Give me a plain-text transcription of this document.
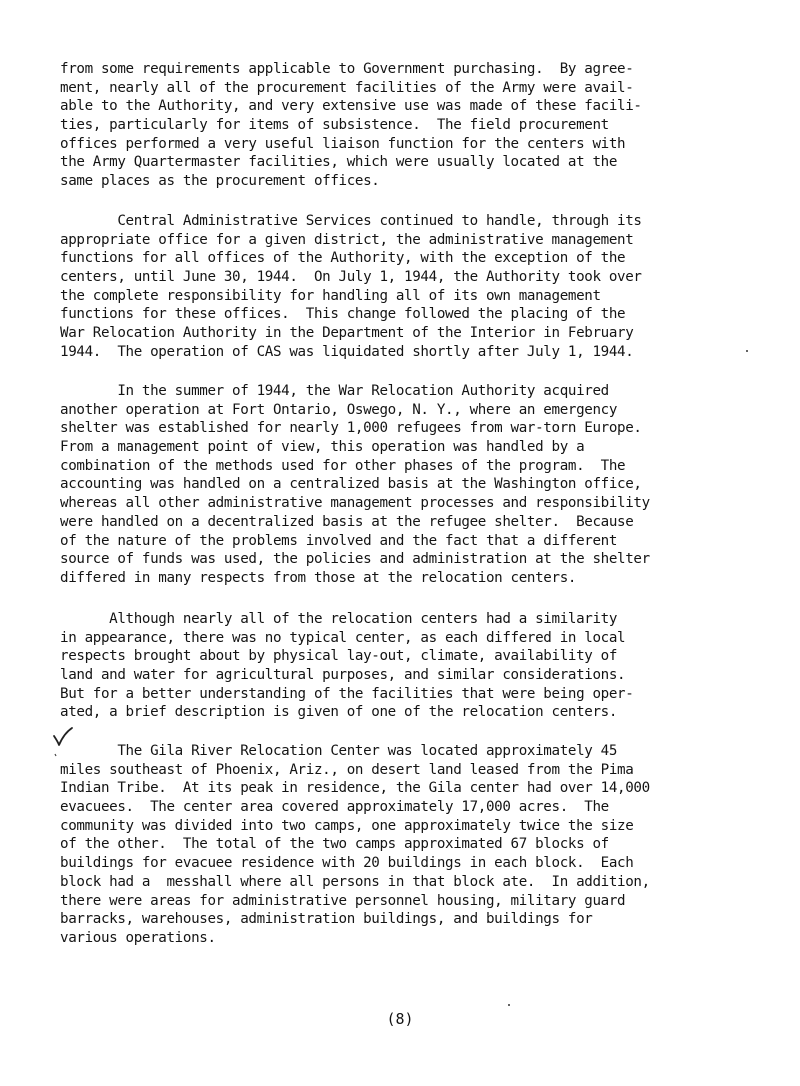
from some requirements applicable to Government purchasing.  By agree-
ment, nearly all of the procurement facilities of the Army were avail-
able to the Authority, and very extensive use was made of these facili-
ties, particularly for items of subsistence.  The field procurement
offices performed a very useful liaison function for the centers with
the Army Quartermaster facilities, which were usually located at the
same places as the procurement offices.
Central Administrative Services continued to handle, through its
appropriate office for a given district, the administrative management
functions for all offices of the Authority, with the exception of the
centers, until June 30, 1944.  On July 1, 1944, the Authority took over
the complete responsibility for handling all of its own management
functions for these offices.  This change followed the placing of the
War Relocation Authority in the Department of the Interior in February
1944.  The operation of CAS was liquidated shortly after July 1, 1944.
In the summer of 1944, the War Relocation Authority acquired
another operation at Fort Ontario, Oswego, N. Y., where an emergency
shelter was established for nearly 1,000 refugees from war-torn Europe.
From a management point of view, this operation was handled by a
combination of the methods used for other phases of the program.  The
accounting was handled on a centralized basis at the Washington office,
whereas all other administrative management processes and responsibility
were handled on a decentralized basis at the refugee shelter.  Because
of the nature of the problems involved and the fact that a different
source of funds was used, the policies and administration at the shelter
differed in many respects from those at the relocation centers.
Although nearly all of the relocation centers had a similarity
in appearance, there was no typical center, as each differed in local
respects brought about by physical lay-out, climate, availability of
land and water for agricultural purposes, and similar considerations.
But for a better understanding of the facilities that were being oper-
ated, a brief description is given of one of the relocation centers.
The Gila River Relocation Center was located approximately 45
miles southeast of Phoenix, Ariz., on desert land leased from the Pima
Indian Tribe.  At its peak in residence, the Gila center had over 14,000
evacuees.  The center area covered approximately 17,000 acres.  The
community was divided into two camps, one approximately twice the size
of the other.  The total of the two camps approximated 67 blocks of
buildings for evacuee residence with 20 buildings in each block.  Each
block had a  messhall where all persons in that block ate.  In addition,
there were areas for administrative personnel housing, military guard
barracks, warehouses, administration buildings, and buildings for
various operations.
(8)
